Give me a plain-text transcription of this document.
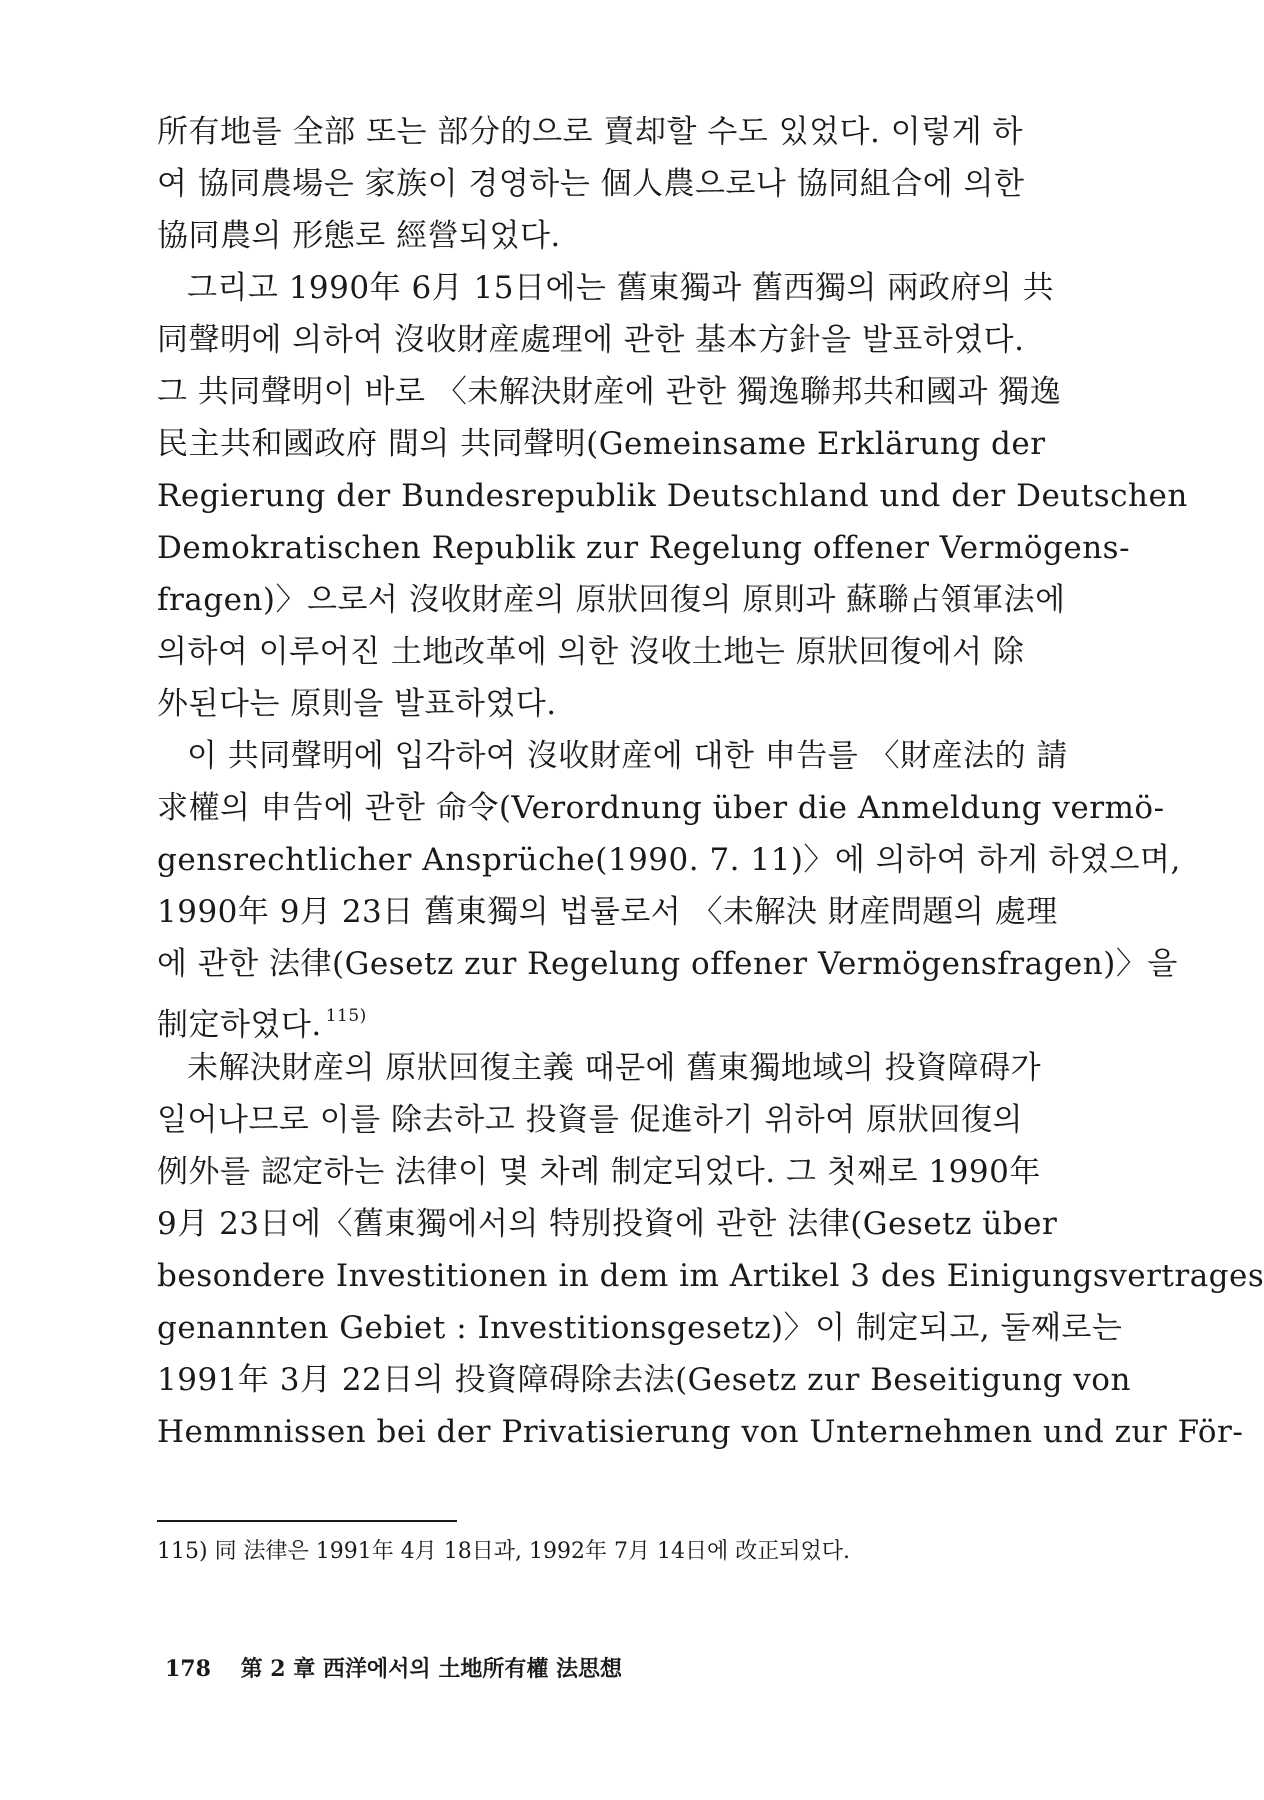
所有地를 全部 또는 部分的으로 賣却할 수도 있었다. 이렇게 하
여 協同農場은 家族이 경영하는 個人農으로나 協同組合에 의한
協同農의 形態로 經營되었다.
그리고 1990年 6月 15日에는 舊東獨과 舊西獨의 兩政府의 共
同聲明에 의하여 沒收財産處理에 관한 基本方針을 발표하였다.
그 共同聲明이 바로 〈未解決財産에 관한 獨逸聯邦共和國과 獨逸
民主共和國政府 間의 共同聲明(Gemeinsame Erklärung der
Regierung der Bundesrepublik Deutschland und der Deutschen
Demokratischen Republik zur Regelung offener Vermögens-
fragen)〉으로서 沒收財産의 原狀回復의 原則과 蘇聯占領軍法에
의하여 이루어진 土地改革에 의한 沒收土地는 原狀回復에서 除
外된다는 原則을 발표하였다.
이 共同聲明에 입각하여 沒收財産에 대한 申告를 〈財産法的 請
求權의 申告에 관한 命令(Verordnung über die Anmeldung vermö-
gensrechtlicher Ansprüche(1990. 7. 11)〉에 의하여 하게 하였으며,
1990年 9月 23日 舊東獨의 법률로서 〈未解決 財産問題의 處理
에 관한 法律(Gesetz zur Regelung offener Vermögensfragen)〉을
制定하였다. $^{115)}$
未解決財産의 原狀回復主義 때문에 舊東獨地域의 投資障碍가
일어나므로 이를 除去하고 投資를 促進하기 위하여 原狀回復의
例外를 認定하는 法律이 몇 차례 制定되었다. 그 첫째로 1990年
9月 23日에〈舊東獨에서의 特別投資에 관한 法律(Gesetz über
besondere Investitionen in dem im Artikel 3 des Einigungsvertrages
genannten Gebiet : Investitionsgesetz)〉이 制定되고, 둘째로는
1991年 3月 22日의 投資障碍除去法(Gesetz zur Beseitigung von
Hemmnissen bei der Privatisierung von Unternehmen und zur För-
115) 同 法律은 1991年 4月 18日과, 1992年 7月 14日에 改正되었다.
178 第 2 章 西洋에서의 土地所有權 法思想
